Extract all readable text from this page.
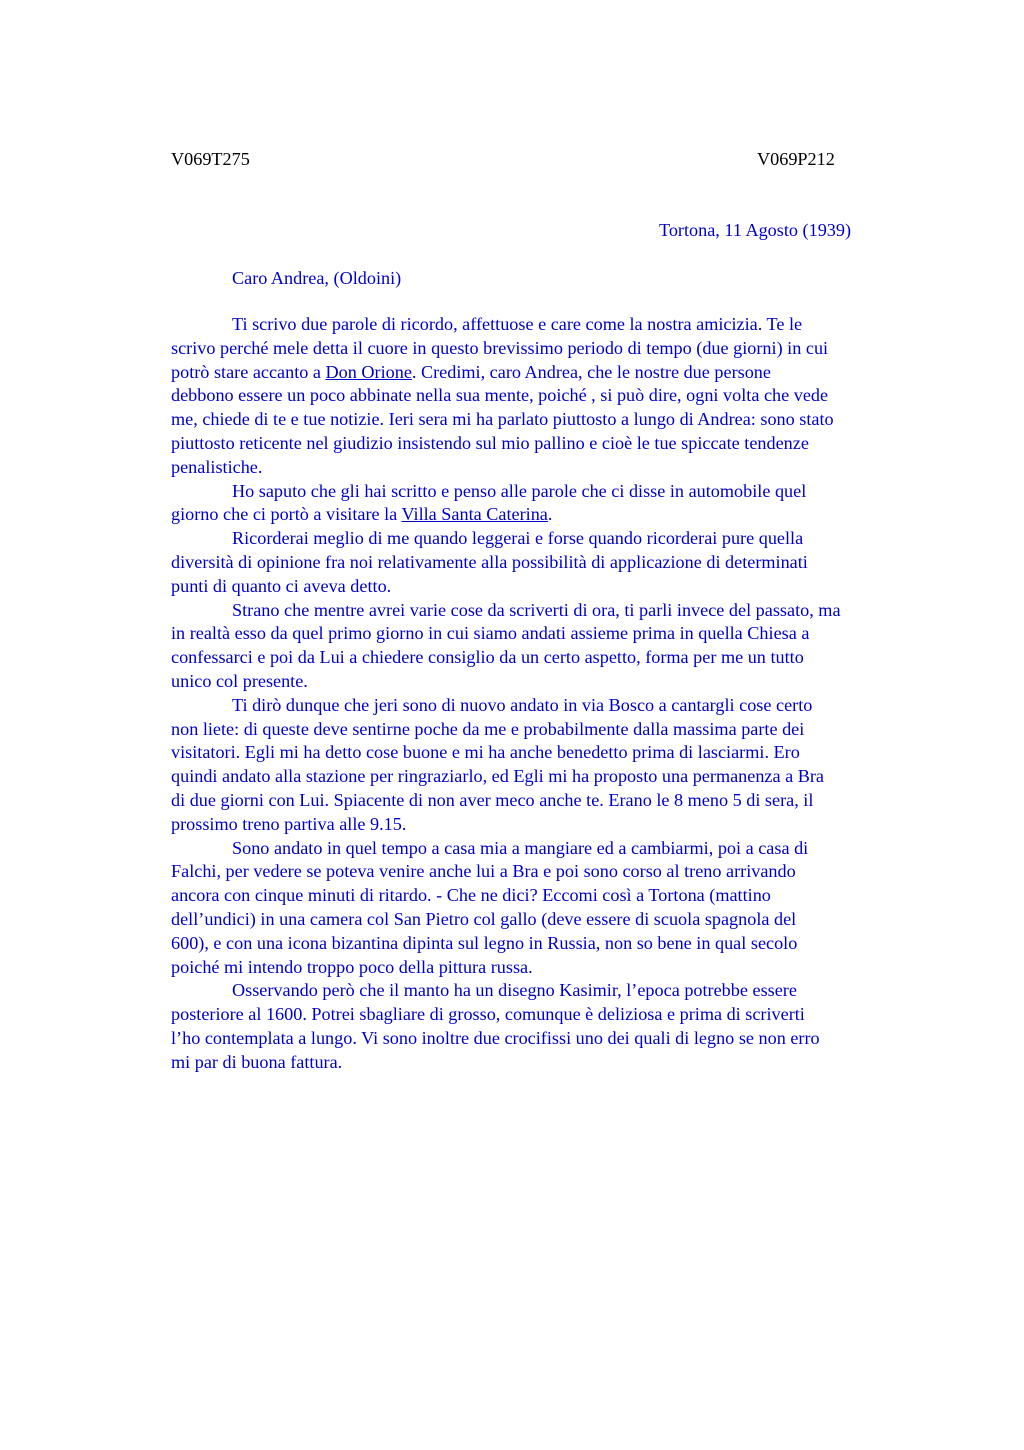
V069T275	V069P212
Tortona, 11 Agosto (1939)
Caro Andrea, (Oldoini)

Ti scrivo due parole di ricordo, affettuose e care come la nostra amicizia. Te le
scrivo perché mele detta il cuore in questo brevissimo periodo di tempo (due giorni) in cui
potrò stare accanto a Don Orione. Credimi, caro Andrea, che le nostre due persone
debbono essere un poco abbinate nella sua mente, poiché , si può dire, ogni volta che vede
me, chiede di te e tue notizie. Ieri sera mi ha parlato piuttosto a lungo di Andrea: sono stato
piuttosto reticente nel giudizio insistendo sul mio pallino e cioè le tue spiccate tendenze
penalistiche.

Ho saputo che gli hai scritto e penso alle parole che ci disse in automobile quel
giorno che ci portò a visitare la Villa Santa Caterina.

Ricorderai meglio di me quando leggerai e forse quando ricorderai pure quella
diversità di opinione fra noi relativamente alla possibilità di applicazione di determinati
punti di quanto ci aveva detto.

Strano che mentre avrei varie cose da scriverti di ora, ti parli invece del passato, ma
in realtà esso da quel primo giorno in cui siamo andati assieme prima in quella Chiesa a
confessarci e poi da Lui a chiedere consiglio da un certo aspetto, forma per me un tutto
unico col presente.

Ti dirò dunque che jeri sono di nuovo andato in via Bosco a cantargli cose certo
non liete: di queste deve sentirne poche da me e probabilmente dalla massima parte dei
visitatori. Egli mi ha detto cose buone e mi ha anche benedetto prima di lasciarmi. Ero
quindi andato alla stazione per ringraziarlo, ed Egli mi ha proposto una permanenza a Bra
di due giorni con Lui. Spiacente di non aver meco anche te. Erano le 8 meno 5 di sera, il
prossimo treno partiva alle 9.15.

Sono andato in quel tempo a casa mia a mangiare ed a cambiarmi, poi a casa di
Falchi, per vedere se poteva venire anche lui a Bra e poi sono corso al treno arrivando
ancora con cinque minuti di ritardo. - Che ne dici? Eccomi così a Tortona (mattino
dell’undici) in una camera col San Pietro col gallo (deve essere di scuola spagnola del
600), e con una icona bizantina dipinta sul legno in Russia, non so bene in qual secolo
poiché mi intendo troppo poco della pittura russa.

Osservando però che il manto ha un disegno Kasimir, l’epoca potrebbe essere
posteriore al 1600. Potrei sbagliare di grosso, comunque è deliziosa e prima di scriverti
l’ho contemplata a lungo. Vi sono inoltre due crocifissi uno dei quali di legno se non erro
mi par di buona fattura.
